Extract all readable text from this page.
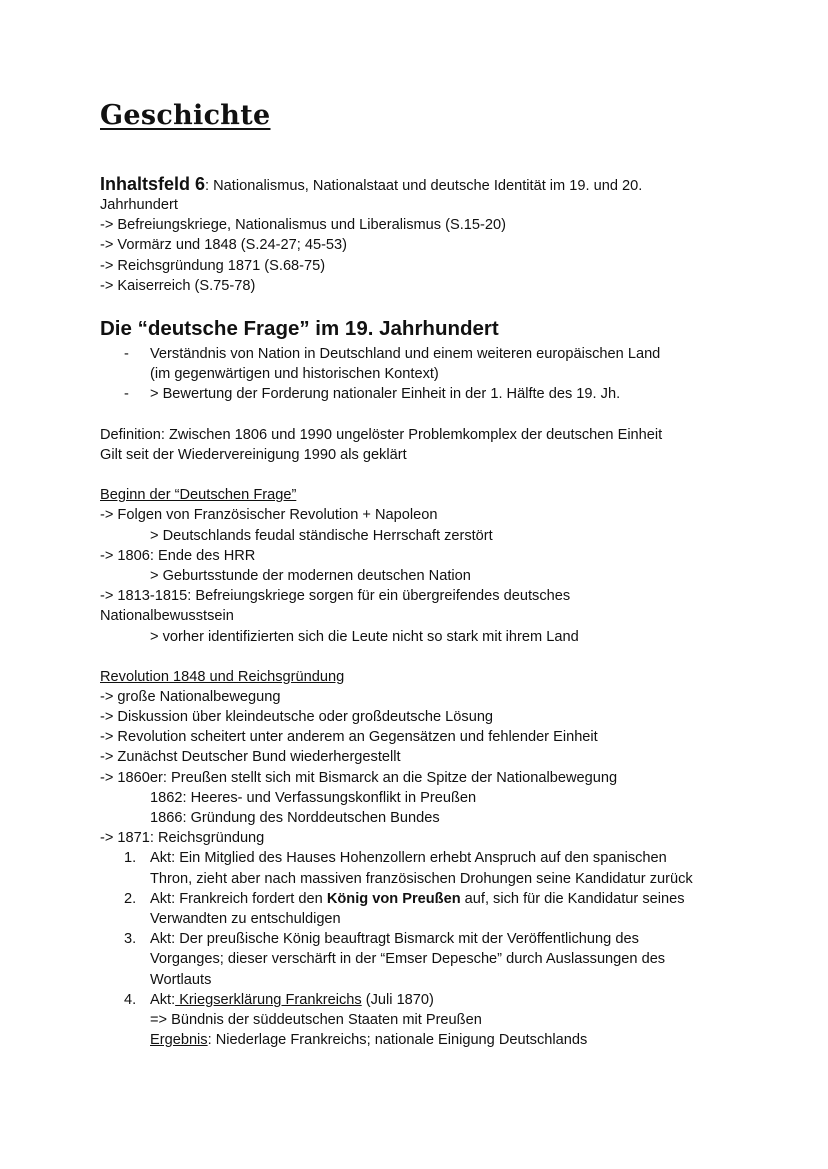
Geschichte
Inhaltsfeld 6: Nationalismus, Nationalstaat und deutsche Identität im 19. und 20.
Jahrhundert
-> Befreiungskriege, Nationalismus und Liberalismus (S.15-20)
-> Vormärz und 1848 (S.24-27; 45-53)
-> Reichsgründung 1871 (S.68-75)
-> Kaiserreich (S.75-78)
Die “deutsche Frage” im 19. Jahrhundert
-	Verständnis von Nation in Deutschland und einem weiteren europäischen Land
(im gegenwärtigen und historischen Kontext)
-	> Bewertung der Forderung nationaler Einheit in der 1. Hälfte des 19. Jh.
Definition: Zwischen 1806 und 1990 ungelöster Problemkomplex der deutschen Einheit
Gilt seit der Wiedervereinigung 1990 als geklärt
Beginn der “Deutschen Frage”
-> Folgen von Französischer Revolution + Napoleon
> Deutschlands feudal ständische Herrschaft zerstört
-> 1806: Ende des HRR
> Geburtsstunde der modernen deutschen Nation
-> 1813-1815: Befreiungskriege sorgen für ein übergreifendes deutsches
Nationalbewusstsein
> vorher identifizierten sich die Leute nicht so stark mit ihrem Land
Revolution 1848 und Reichsgründung
-> große Nationalbewegung
-> Diskussion über kleindeutsche oder großdeutsche Lösung
-> Revolution scheitert unter anderem an Gegensätzen und fehlender Einheit
-> Zunächst Deutscher Bund wiederhergestellt
-> 1860er: Preußen stellt sich mit Bismarck an die Spitze der Nationalbewegung
1862: Heeres- und Verfassungskonflikt in Preußen
1866: Gründung des Norddeutschen Bundes
-> 1871: Reichsgründung
1. Akt: Ein Mitglied des Hauses Hohenzollern erhebt Anspruch auf den spanischen
Thron, zieht aber nach massiven französischen Drohungen seine Kandidatur zurück
2. Akt: Frankreich fordert den König von Preußen auf, sich für die Kandidatur seines
Verwandten zu entschuldigen
3. Akt: Der preußische König beauftragt Bismarck mit der Veröffentlichung des
Vorganges; dieser verschärft in der “Emser Depesche” durch Auslassungen des
Wortlauts
4. Akt: Kriegserklärung Frankreichs (Juli 1870)
=> Bündnis der süddeutschen Staaten mit Preußen
Ergebnis: Niederlage Frankreichs; nationale Einigung Deutschlands
